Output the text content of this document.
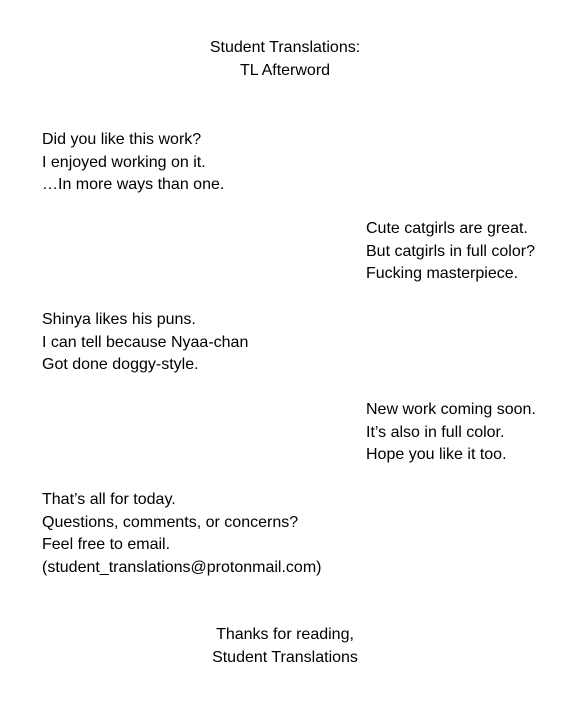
Student Translations:
TL Afterword
Did you like this work?
I enjoyed working on it.
…In more ways than one.
Cute catgirls are great.
But catgirls in full color?
Fucking masterpiece.
Shinya likes his puns.
I can tell because Nyaa-chan
Got done doggy-style.
New work coming soon.
It’s also in full color.
Hope you like it too.
That’s all for today.
Questions, comments, or concerns?
Feel free to email.
(student_translations@protonmail.com)
Thanks for reading,
Student Translations
